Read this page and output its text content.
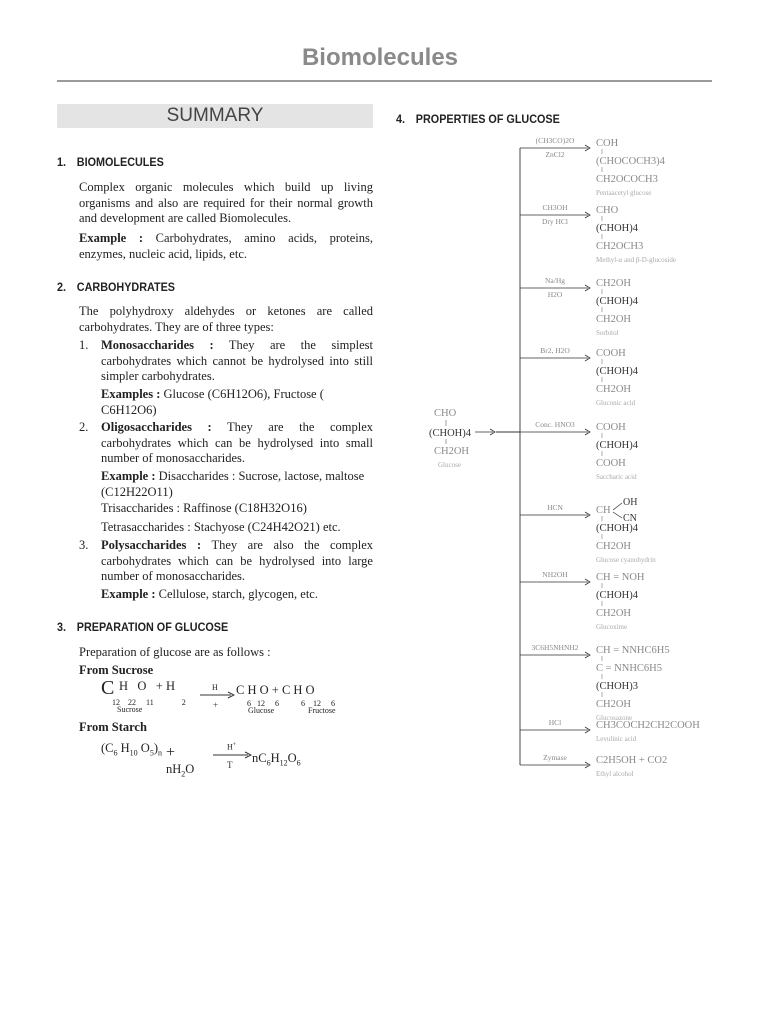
Biomolecules
SUMMARY
1. BIOMOLECULES
Complex organic molecules which build up living organisms and also are required for their normal growth and development are called Biomolecules.
Example : Carbohydrates, amino acids, proteins, enzymes, nucleic acid, lipids, etc.
2. CARBOHYDRATES
The polyhydroxy aldehydes or ketones are called carbohydrates. They are of three types:
1. Monosaccharides : They are the simplest carbohydrates which cannot be hydrolysed into still simpler carbohydrates.
Examples : Glucose (C6H12O6), Fructose ( C6H12O6)
2. Oligosaccharides : They are the complex carbohydrates which can be hydrolysed into small number of monosaccharides.
Example : Disaccharides : Sucrose, lactose, maltose (C12H22O11)
Trisaccharides : Raffinose (C18H32O16)
Tetrasaccharides : Stachyose (C24H42O21) etc.
3. Polysaccharides : They are also the complex carbohydrates which can be hydrolysed into large number of monosaccharides.
Example : Cellulose, starch, glycogen, etc.
3. PREPARATION OF GLUCOSE
Preparation of glucose are as follows :
From Sucrose
C H   O   + H
12    22     11              2
Sucrose
H
+
C H O + C H O
6   12     6           6    12     6
Glucose	Fructose
From Starch
($C_6$ $H_{10}$ $O_5)_n$ +
$nH_2O$
H+
T $nC_6H_{12}O_6$
4. PROPERTIES OF GLUCOSE
CHO
(CHOH)4
CH2OH
Glucose
(CH3CO)2O
ZnCl2
COH
(CHOCOCH3)4
CH2OCOCH3
Pentaacetyl glucose
CH3OH
Dry HCl
CHO
(CHOH)4
CH2OCH3
Methyl-α and β-D-glucoside
Na/Hg
H2O
CH2OH
(CHOH)4
CH2OH
Sorbitol
Br2, H2O COOH
(CHOH)4
CH2OH
Gluconic acid
Conc. HNO3 COOH
(CHOH)4
COOH
Saccharic acid
HCN	CH
(CHOH)4
CH2OH
OH
CN
Glucose cyanohydrin
NH2OH	CH = NOH
(CHOH)4
CH2OH
Glucoxime
3C6H5NHNH2 CH = NNHC6H5
C = NNHC6H5
(CHOH)3
CH2OH
Glucosazone
HCl	CH3COCH2CH2COOH
Levulinic acid
Zymase	C2H5OH + CO2
Ethyl alcohol
